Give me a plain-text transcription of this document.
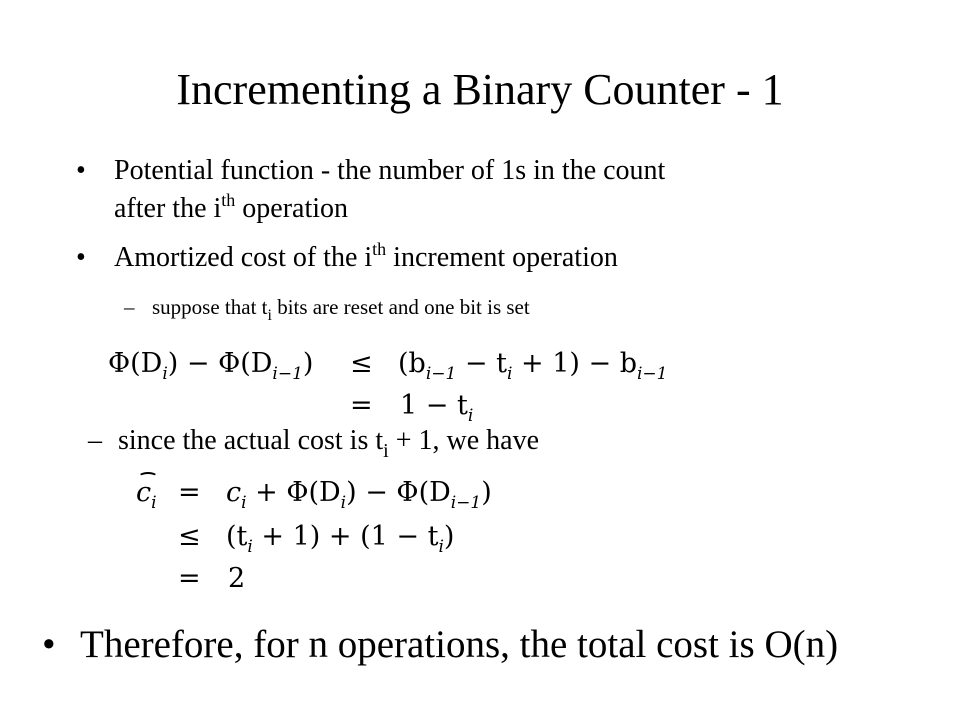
Incrementing a Binary Counter - 1
• Potential function - the number of 1s in the count
after the $i^{th}$ operation
• Amortized cost of the $i^{th}$ increment operation
– suppose that $t_i$ bits are reset and one bit is set
$\Phi(D_i) - \Phi(D_{i-1}) \le (b_{i-1} - t_i + 1) - b_{i-1}$
= $1 - t_i$
– since the actual cost is $t_i + 1$, we have
$c_i = c_i + \Phi(D_i) - \Phi(D_{i-1})$
≤ $(t_i + 1) + (1 - t_i)$
= 2
• Therefore, for n operations, the total cost is O(n)
